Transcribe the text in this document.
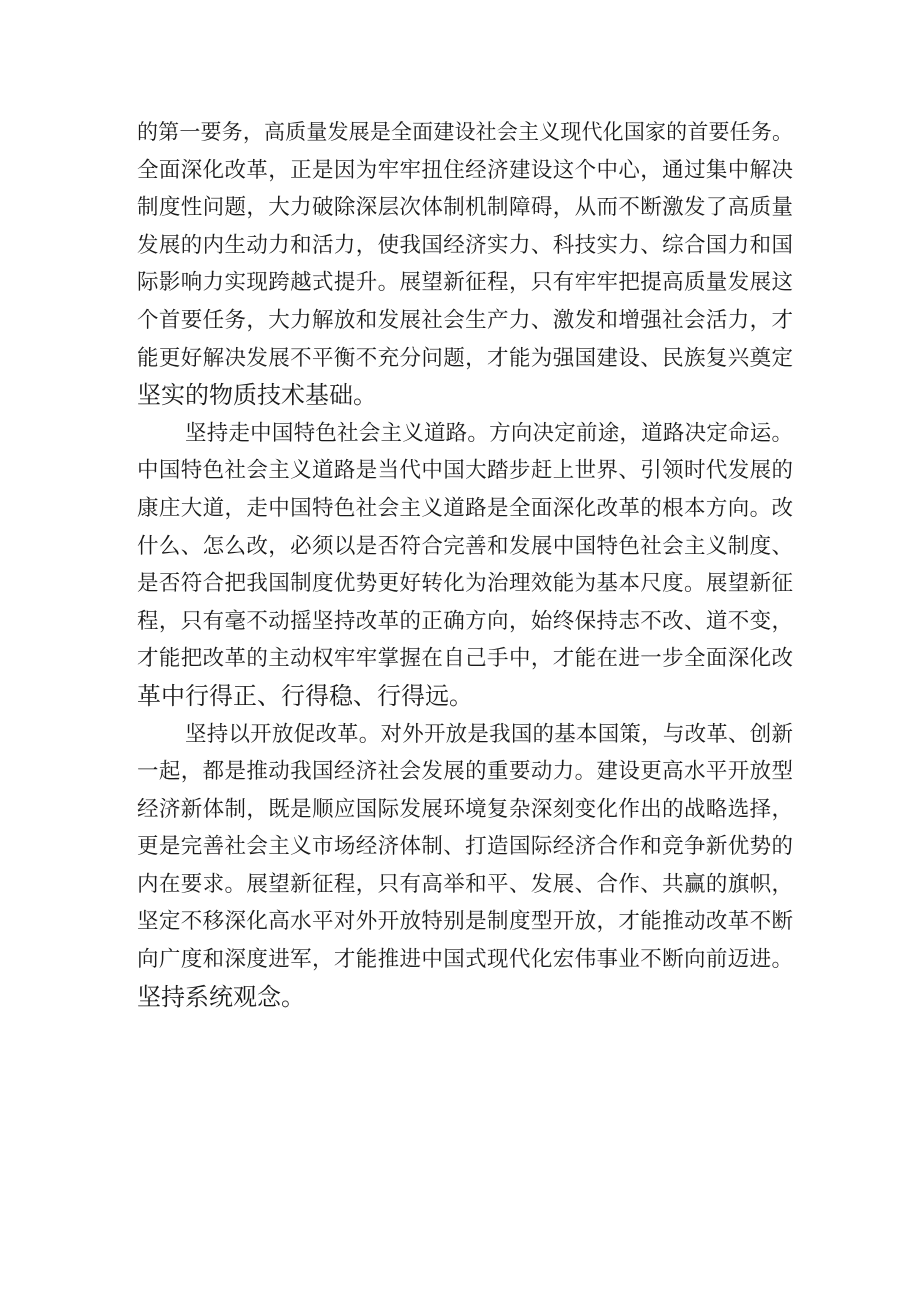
的第一要务，高质量发展是全面建设社会主义现代化国家的首要任务。
全面深化改革，正是因为牢牢扭住经济建设这个中心，通过集中解决
制度性问题，大力破除深层次体制机制障碍，从而不断激发了高质量
发展的内生动力和活力，使我国经济实力、科技实力、综合国力和国
际影响力实现跨越式提升。展望新征程，只有牢牢把提高质量发展这
个首要任务，大力解放和发展社会生产力、激发和增强社会活力，才
能更好解决发展不平衡不充分问题，才能为强国建设、民族复兴奠定
坚实的物质技术基础。
坚持走中国特色社会主义道路。方向决定前途，道路决定命运。
中国特色社会主义道路是当代中国大踏步赶上世界、引领时代发展的
康庄大道，走中国特色社会主义道路是全面深化改革的根本方向。改
什么、怎么改，必须以是否符合完善和发展中国特色社会主义制度、
是否符合把我国制度优势更好转化为治理效能为基本尺度。展望新征
程，只有毫不动摇坚持改革的正确方向，始终保持志不改、道不变，
才能把改革的主动权牢牢掌握在自己手中，才能在进一步全面深化改
革中行得正、行得稳、行得远。
坚持以开放促改革。对外开放是我国的基本国策，与改革、创新
一起，都是推动我国经济社会发展的重要动力。建设更高水平开放型
经济新体制，既是顺应国际发展环境复杂深刻变化作出的战略选择，
更是完善社会主义市场经济体制、打造国际经济合作和竞争新优势的
内在要求。展望新征程，只有高举和平、发展、合作、共赢的旗帜，
坚定不移深化高水平对外开放特别是制度型开放，才能推动改革不断
向广度和深度进军，才能推进中国式现代化宏伟事业不断向前迈进。
坚持系统观念。
